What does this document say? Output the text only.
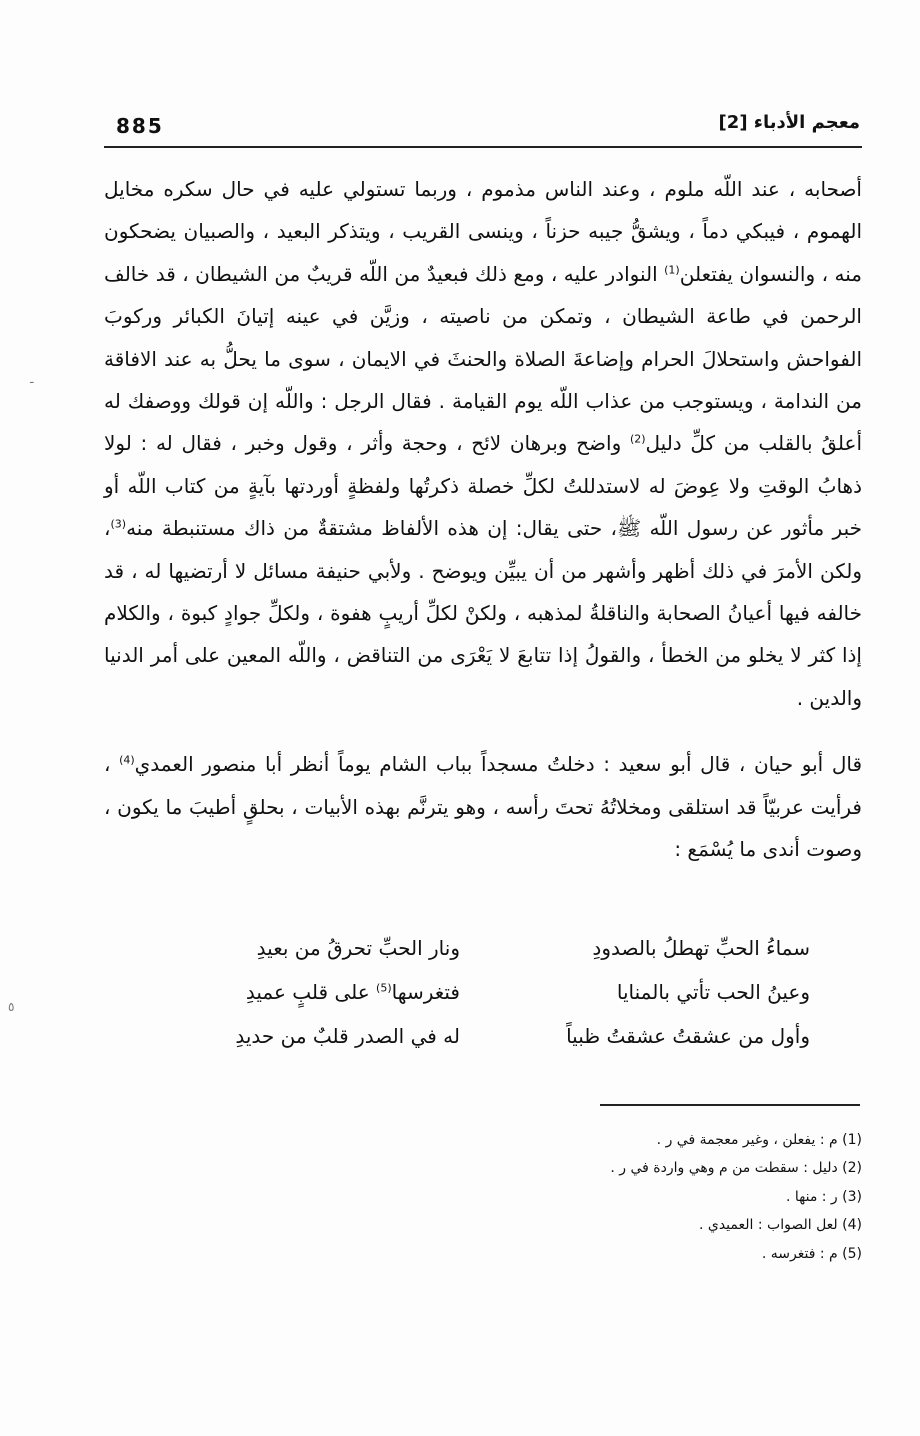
885	معجم الأدباء [2]

أصحابه ، عند اللّه ملوم ، وعند الناس مذموم ، وربما تستولي عليه في حال سكره مخايل الهموم ، فيبكي دماً ، ويشقُّ جيبه حزناً ، وينسى القريب ، ويتذكر البعيد ، والصبيان يضحكون منه ، والنسوان يفتعلن$^{(1)}$ النوادر عليه ، ومع ذلك فبعيدٌ من اللّه قريبٌ من الشيطان ، قد خالف الرحمن في طاعة الشيطان ، وتمكن من ناصيته ، وزيَّن في عينه إتيانَ الكبائر وركوبَ الفواحش واستحلالَ الحرام وإضاعةَ الصلاة والحنثَ في الايمان ، سوى ما يحلُّ به عند الافاقة من الندامة ، ويستوجب من عذاب اللّه يوم القيامة . فقال الرجل : واللّه إن قولك ووصفك له أعلقُ بالقلب من كلِّ دليل$^{(2)}$ واضح وبرهان لائح ، وحجة وأثر ، وقول وخبر ، فقال له : لولا ذهابُ الوقتِ ولا عِوضَ له لاستدللتُ لكلِّ خصلة ذكرتُها ولفظةٍ أوردتها بآيةٍ من كتاب اللّه أو خبر مأثور عن رسول اللّه ﷺ، حتى يقال: إن هذه الألفاظ مشتقةٌ من ذاك مستنبطة منه$^{(3)}$، ولكن الأمرَ في ذلك أظهر وأشهر من أن يبيِّن ويوضح . ولأبي حنيفة مسائل لا أرتضيها له ، قد خالفه فيها أعيانُ الصحابة والناقلةُ لمذهبه ، ولكنْ لكلِّ أريبٍ هفوة ، ولكلِّ جوادٍ كبوة ، والكلام إذا كثر لا يخلو من الخطأ ، والقولُ إذا تتابعَ لا يَعْرَى من التناقض ، واللّه المعين على أمر الدنيا والدين .

قال أبو حيان ، قال أبو سعيد : دخلتُ مسجداً بباب الشام يوماً أنظر أبا منصور العمدي$^{(4)}$ ، فرأيت عربيّاً قد استلقى ومخلاتُهُ تحتَ رأسه ، وهو يترنَّم بهذه الأبيات ، بحلقٍ أطيبَ ما يكون ، وصوت أندى ما يُسْمَع :

سماءُ الحبِّ تهطلُ بالصدودِ
ونار الحبِّ تحرقُ من بعيدِ
وعينُ الحب تأتي بالمنايا
فتغرسها$^{(5)}$ على قلبٍ عميدِ
وأول من عشقتُ عشقتُ ظبياً
له في الصدر قلبٌ من حديدِ
(1) م : يفعلن ، وغير معجمة في ر .
(2) دليل : سقطت من م وهي واردة في ر .
(3) ر : منها .
(4) لعل الصواب : العميدي .
(5) م : فتغرسه .
ـ
٥
